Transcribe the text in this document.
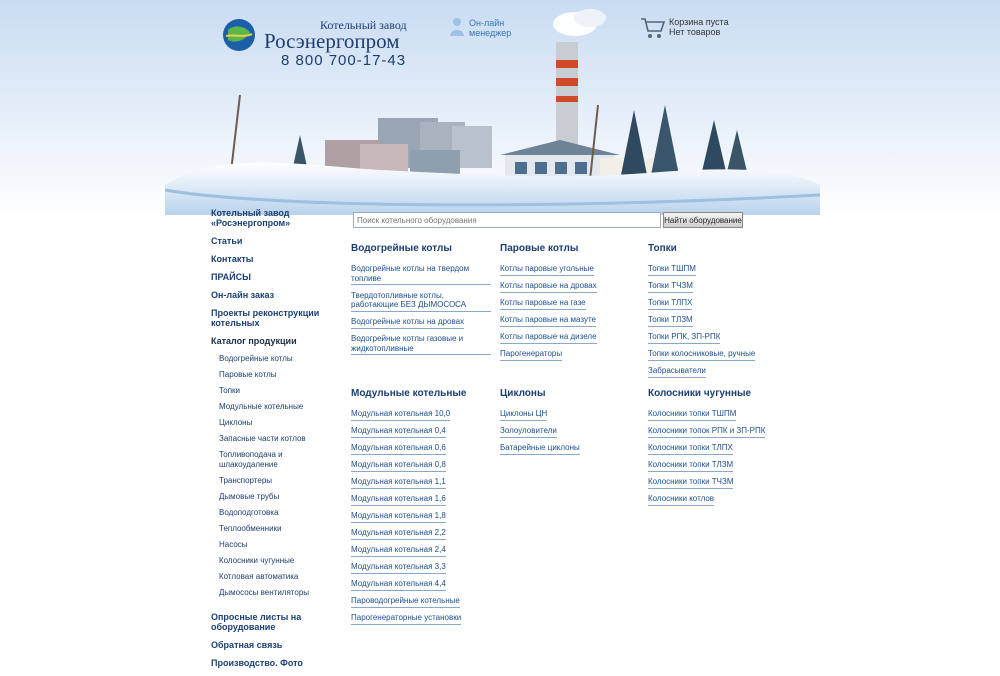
Котельный завод
Росэнергопром
8 800 700-17-43
Он-лайн
менеджер
Корзина пуста
Нет товаров
Котельный завод «Росэнергопром»
Статьи
Контакты
ПРАЙСЫ
Он-лайн заказ
Проекты реконструкции котельных
Каталог продукции
Водогрейные котлы
Паровые котлы
Топки
Модульные котельные
Циклоны
Запасные части котлов
Топливоподача и шлакоудаление
Транспортеры
Дымовые трубы
Водоподготовка
Теплообменники
Насосы
Колосники чугунные
Котловая автоматика
Дымососы вентиляторы
Опросные листы на оборудование
Обратная связь
Производство. Фото
Поиск котельного оборудования
Найти оборудование
Водогрейные котлы
Водогрейные котлы на твердом топливе
Твердотопливные котлы, работающие БЕЗ ДЫМОСОСА
Водогрейные котлы на дровах
Водогрейные котлы газовые и жидкотопливные
Паровые котлы
Котлы паровые угольные
Котлы паровые на дровах
Котлы паровые на газе
Котлы паровые на мазуте
Котлы паровые на дизеле
Парогенераторы
Топки
Топки ТШПМ
Топки ТЧЗМ
Топки ТЛПХ
Топки ТЛЗМ
Топки РПК, ЗП-РПК
Топки колосниковые, ручные
Забрасыватели
Модульные котельные
Модульная котельная 10,0
Модульная котельная 0,4
Модульная котельная 0,6
Модульная котельная 0,8
Модульная котельная 1,1
Модульная котельная 1,6
Модульная котельная 1,8
Модульная котельная 2,2
Модульная котельная 2,4
Модульная котельная 3,3
Модульная котельная 4,4
Пароводогрейные котельные
Парогенераторные установки
Циклоны
Циклоны ЦН
Золоуловители
Батарейные циклоны
Колосники чугунные
Колосники топки ТШПМ
Колосники топок РПК и ЗП-РПК
Колосники топки ТЛПХ
Колосники топки ТЛЗМ
Колосники топки ТЧЗМ
Колосники котлов
